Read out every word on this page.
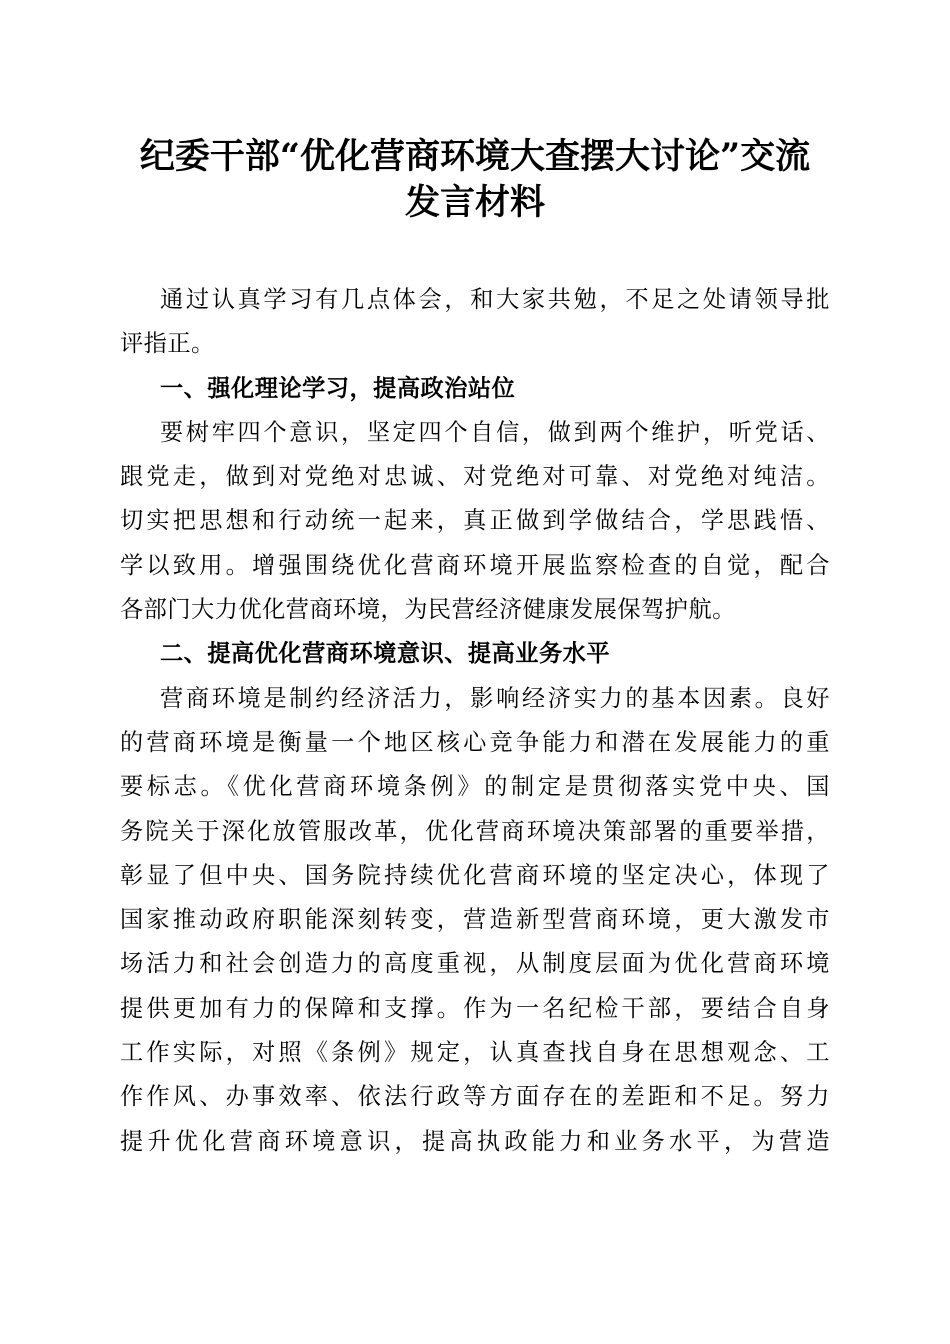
纪委干部“优化营商环境大查摆大讨论”交流
发言材料
通过认真学习有几点体会，和大家共勉，不足之处请领导批
评指正。
一、强化理论学习，提高政治站位
要树牢四个意识，坚定四个自信，做到两个维护，听党话、
跟党走，做到对党绝对忠诚、对党绝对可靠、对党绝对纯洁。
切实把思想和行动统一起来，真正做到学做结合，学思践悟、
学以致用。增强围绕优化营商环境开展监察检查的自觉，配合
各部门大力优化营商环境，为民营经济健康发展保驾护航。
二、提高优化营商环境意识、提高业务水平
营商环境是制约经济活力，影响经济实力的基本因素。良好
的营商环境是衡量一个地区核心竞争能力和潜在发展能力的重
要标志。《优化营商环境条例》的制定是贯彻落实党中央、国
务院关于深化放管服改革，优化营商环境决策部署的重要举措，
彰显了但中央、国务院持续优化营商环境的坚定决心，体现了
国家推动政府职能深刻转变，营造新型营商环境，更大激发市
场活力和社会创造力的高度重视，从制度层面为优化营商环境
提供更加有力的保障和支撑。作为一名纪检干部，要结合自身
工作实际，对照《条例》规定，认真查找自身在思想观念、工
作作风、办事效率、依法行政等方面存在的差距和不足。努力
提升优化营商环境意识，提高执政能力和业务水平，为营造
